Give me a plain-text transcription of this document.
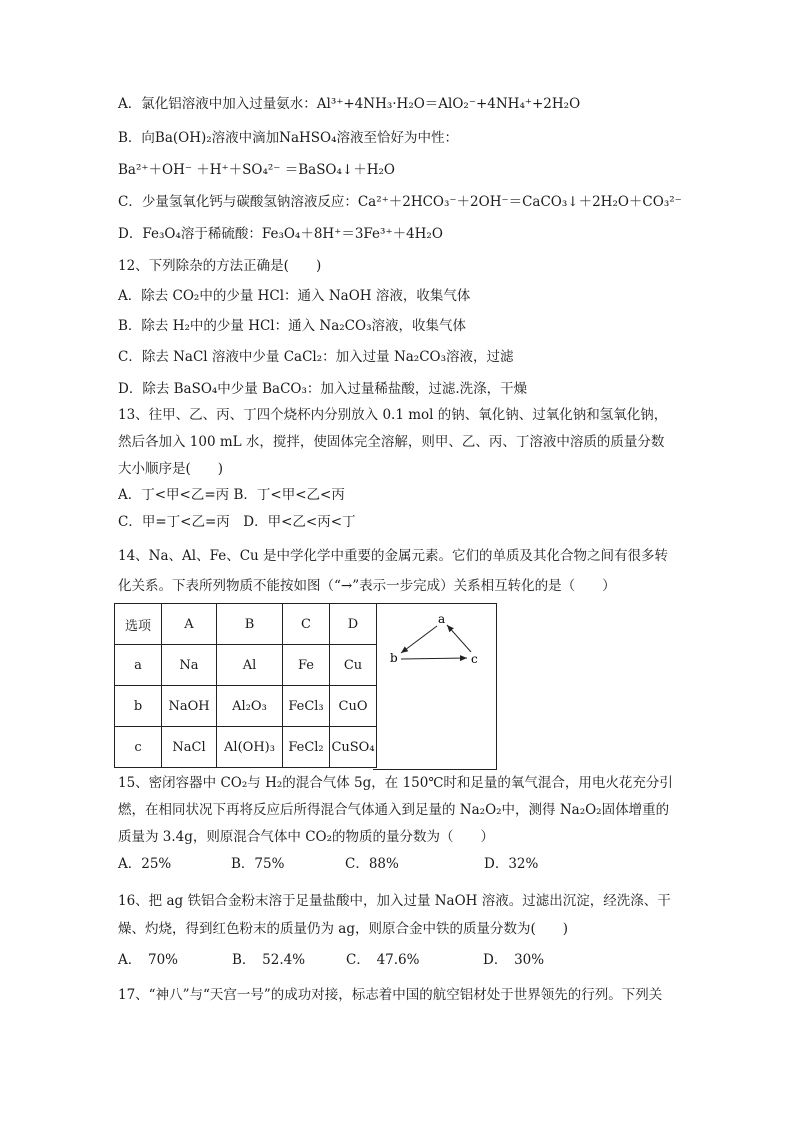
A．氯化铝溶液中加入过量氨水：Al³⁺+4NH₃·H₂O＝AlO₂⁻+4NH₄⁺+2H₂O
B．向Ba(OH)₂溶液中滴加NaHSO₄溶液至恰好为中性：
Ba²⁺＋OH⁻ ＋H⁺＋SO₄²⁻ ＝BaSO₄↓＋H₂O
C．少量氢氧化钙与碳酸氢钠溶液反应：Ca²⁺＋2HCO₃⁻＋2OH⁻＝CaCO₃↓＋2H₂O＋CO₃²⁻
D．Fe₃O₄溶于稀硫酸：Fe₃O₄＋8H⁺＝3Fe³⁺＋4H₂O
12、下列除杂的方法正确是(　　)
A．除去 CO₂中的少量 HCl：通入 NaOH 溶液，收集气体
B．除去 H₂中的少量 HCl：通入 Na₂CO₃溶液，收集气体
C．除去 NaCl 溶液中少量 CaCl₂：加入过量 Na₂CO₃溶液，过滤
D．除去 BaSO₄中少量 BaCO₃：加入过量稀盐酸，过滤.洗涤，干燥
13、往甲、乙、丙、丁四个烧杯内分别放入 0.1 mol 的钠、氧化钠、过氧化钠和氢氧化钠，
然后各加入 100 mL 水，搅拌，使固体完全溶解，则甲、乙、丙、丁溶液中溶质的质量分数
大小顺序是(　　)
A．丁<甲<乙=丙 B．丁<甲<乙<丙
C．甲=丁<乙=丙　D．甲<乙<丙<丁
14、Na、Al、Fe、Cu 是中学化学中重要的金属元素。它们的单质及其化合物之间有很多转
化关系。下表所列物质不能按如图（“→”表示一步完成）关系相互转化的是（　　）
选项	A	B	C	D
a	Na	Al	Fe	Cu
b	NaOH	Al₂O₃	FeCl₃	CuO
c	NaCl	Al(OH)₃	FeCl₂	CuSO₄
a
b	c
15、密闭容器中 CO₂与 H₂的混合气体 5g，在 150℃时和足量的氧气混合，用电火花充分引
燃，在相同状况下再将反应后所得混合气体通入到足量的 Na₂O₂中，测得 Na₂O₂固体增重的
质量为 3.4g，则原混合气体中 CO₂的物质的量分数为（　　）
A．25%	B．75%	C．88%	D．32%
16、把 ag 铁铝合金粉末溶于足量盐酸中，加入过量 NaOH 溶液。过滤出沉淀，经洗涤、干
燥、灼烧，得到红色粉末的质量仍为 ag，则原合金中铁的质量分数为(　　)
A．　70%	B．　52.4%	C．　47.6%	D．　30%
17、“神八”与“天宫一号”的成功对接，标志着中国的航空铝材处于世界领先的行列。下列关
